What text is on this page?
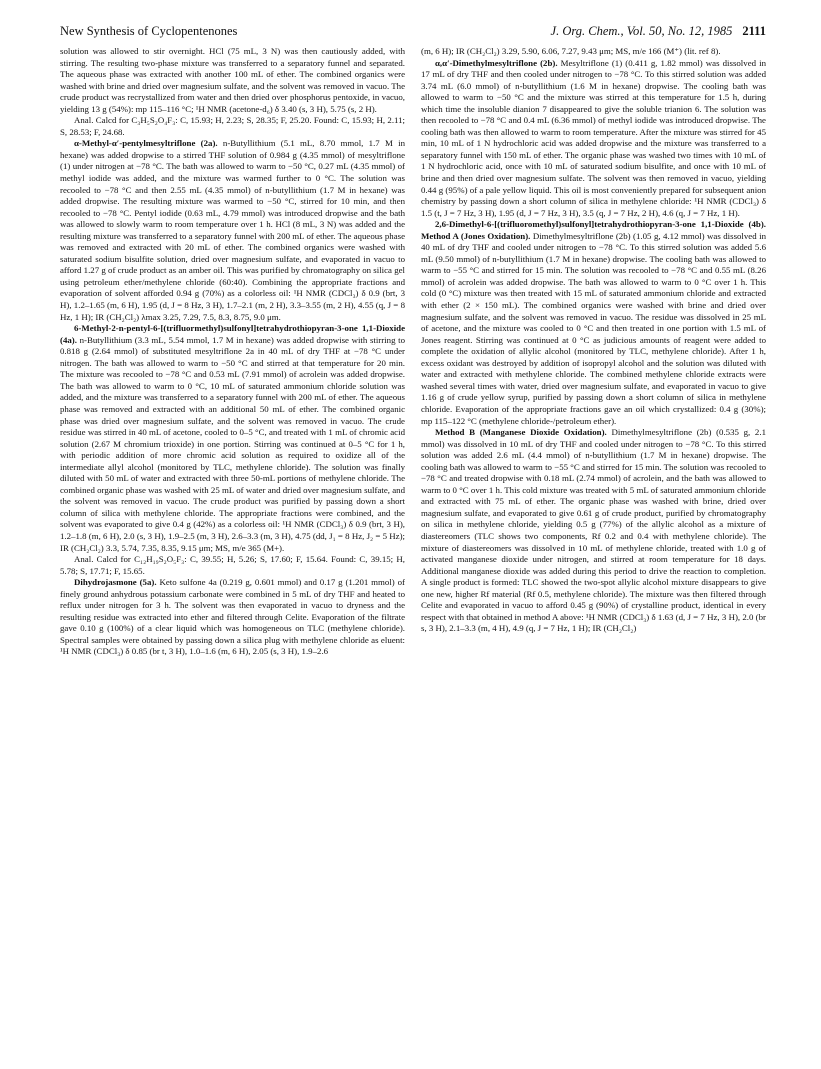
New Synthesis of Cyclopentenones	J. Org. Chem., Vol. 50, No. 12, 1985 2111

solution was allowed to stir overnight. HCl (75 mL, 3 N) was then cautiously added, with stirring. The resulting two-phase mixture was transferred to a separatory funnel and separated. The aqueous phase was extracted with another 100 mL of ether. The combined organics were washed with brine and dried over magnesium sulfate, and the solvent was removed in vacuo. The crude product was recrystallized from water and then dried over phosphorus pentoxide, in vacuo, yielding 13 g (54%): mp 115–116 °C; ¹H NMR (acetone-d₆) δ 3.40 (s, 3 H), 5.75 (s, 2 H).

Anal. Calcd for C₃H₅S₂O₄F₃: C, 15.93; H, 2.23; S, 28.35; F, 25.20. Found: C, 15.93; H, 2.11; S, 28.53; F, 24.68.

α-Methyl-α′-pentylmesyltriflone (2a). n-Butyllithium (5.1 mL, 8.70 mmol, 1.7 M in hexane) was added dropwise to a stirred THF solution of 0.984 g (4.35 mmol) of mesyltriflone (1) under nitrogen at −78 °C. The bath was allowed to warm to −50 °C, 0.27 mL (4.35 mmol) of methyl iodide was added, and the mixture was warmed further to 0 °C. The solution was recooled to −78 °C and then 2.55 mL (4.35 mmol) of n-butyllithium (1.7 M in hexane) was added dropwise. The resulting mixture was warmed to −50 °C, stirred for 10 min, and then recooled to −78 °C. Pentyl iodide (0.63 mL, 4.79 mmol) was introduced dropwise and the bath was allowed to slowly warm to room temperature over 1 h. HCl (8 mL, 3 N) was added and the resulting mixture was transferred to a separatory funnel with 200 mL of ether. The aqueous phase was removed and extracted with 20 mL of ether. The combined organics were washed with saturated sodium bisulfite solution, dried over magnesium sulfate, and evaporated in vacuo to afford 1.27 g of crude product as an amber oil. This was purified by chromatography on silica gel using petroleum ether/methylene chloride (60:40). Combining the appropriate fractions and evaporation of solvent afforded 0.94 g (70%) as a colorless oil: ¹H NMR (CDCl₃) δ 0.9 (brt, 3 H), 1.2–1.65 (m, 6 H), 1.95 (d, J = 8 Hz, 3 H), 1.7–2.1 (m, 2 H), 3.3–3.55 (m, 2 H), 4.55 (q, J = 8 Hz, 1 H); IR (CH₂Cl₂) λmax 3.25, 7.29, 7.5, 8.3, 8.75, 9.0 μm.

6-Methyl-2-n-pentyl-6-[(trifluormethyl)sulfonyl]tetrahydrothiopyran-3-one 1,1-Dioxide (4a). n-Butyllithium (3.3 mL, 5.54 mmol, 1.7 M in hexane) was added dropwise with stirring to 0.818 g (2.64 mmol) of substituted mesyltriflone 2a in 40 mL of dry THF at −78 °C under nitrogen. The bath was allowed to warm to −50 °C and stirred at that temperature for 20 min. The mixture was recooled to −78 °C and 0.53 mL (7.91 mmol) of acrolein was added dropwise. The bath was allowed to warm to 0 °C, 10 mL of saturated ammonium chloride solution was added, and the mixture was transferred to a separatory funnel with 200 mL of ether. The aqueous phase was removed and extracted with an additional 50 mL of ether. The combined organic phase was dried over magnesium sulfate, and the solvent was removed in vacuo. The crude residue was stirred in 40 mL of acetone, cooled to 0–5 °C, and treated with 1 mL of chromic acid solution (2.67 M chromium trioxide) in one portion. Stirring was continued at 0–5 °C for 1 h, with periodic addition of more chromic acid solution as required to oxidize all of the intermediate allyl alcohol (monitored by TLC, methylene chloride). The solution was finally diluted with 50 mL of water and extracted with three 50-mL portions of methylene chloride. The combined organic phase was washed with 25 mL of water and dried over magnesium sulfate, and the solvent was removed in vacuo. The crude product was purified by passing down a short column of silica with methylene chloride. The appropriate fractions were combined, and the solvent was evaporated to give 0.4 g (42%) as a colorless oil: ¹H NMR (CDCl₃) δ 0.9 (brt, 3 H), 1.2–1.8 (m, 6 H), 2.0 (s, 3 H), 1.9–2.5 (m, 3 H), 2.6–3.3 (m, 3 H), 4.75 (dd, J₁ = 8 Hz, J₂ = 5 Hz); IR (CH₂Cl₂) 3.3, 5.74, 7.35, 8.35, 9.15 μm; MS, m/e 365 (M+).

Anal. Calcd for C₁₂H₁₉S₂O₅F₃: C, 39.55; H, 5.26; S, 17.60; F, 15.64. Found: C, 39.15; H, 5.78; S, 17.71; F, 15.65.

Dihydrojasmone (5a). Keto sulfone 4a (0.219 g, 0.601 mmol) and 0.17 g (1.201 mmol) of finely ground anhydrous potassium carbonate were combined in 5 mL of dry THF and heated to reflux under nitrogen for 3 h. The solvent was then evaporated in vacuo to dryness and the resulting residue was extracted into ether and filtered through Celite. Evaporation of the filtrate gave 0.10 g (100%) of a clear liquid which was homogeneous on TLC (methylene chloride). Spectral samples were obtained by passing down a silica plug with methylene chloride as eluent: ¹H NMR (CDCl₃) δ 0.85 (br t, 3 H), 1.0–1.6 (m, 6 H), 2.05 (s, 3 H), 1.9–2.6

(m, 6 H); IR (CH₂Cl₂) 3.29, 5.90, 6.06, 7.27, 9.43 μm; MS, m/e 166 (M⁺) (lit. ref 8).

α,α′-Dimethylmesyltriflone (2b). Mesyltriflone (1) (0.411 g, 1.82 mmol) was dissolved in 17 mL of dry THF and then cooled under nitrogen to −78 °C. To this stirred solution was added 3.74 mL (6.0 mmol) of n-butyllithium (1.6 M in hexane) dropwise. The cooling bath was allowed to warm to −50 °C and the mixture was stirred at this temperature for 1.5 h, during which time the insoluble dianion 7 disappeared to give the soluble trianion 6. The solution was then recooled to −78 °C and 0.4 mL (6.36 mmol) of methyl iodide was introduced dropwise. The cooling bath was then allowed to warm to room temperature. After the mixture was stirred for 45 min, 10 mL of 1 N hydrochloric acid was added dropwise and the mixture was transferred to a separatory funnel with 150 mL of ether. The organic phase was washed two times with 10 mL of 1 N hydrochloric acid, once with 10 mL of saturated sodium bisulfite, and once with 10 mL of brine and then dried over magnesium sulfate. The solvent was then removed in vacuo, yielding 0.44 g (95%) of a pale yellow liquid. This oil is most conveniently prepared for subsequent anion chemistry by passing down a short column of silica in methylene chloride: ¹H NMR (CDCl₃) δ 1.5 (t, J = 7 Hz, 3 H), 1.95 (d, J = 7 Hz, 3 H), 3.5 (q, J = 7 Hz, 2 H), 4.6 (q, J = 7 Hz, 1 H).

2,6-Dimethyl-6-[(trifluoromethyl)sulfonyl]tetrahydrothiopyran-3-one 1,1-Dioxide (4b). Method A (Jones Oxidation). Dimethylmesyltriflone (2b) (1.05 g, 4.12 mmol) was dissolved in 40 mL of dry THF and cooled under nitrogen to −78 °C. To this stirred solution was added 5.6 mL (9.50 mmol) of n-butyllithium (1.7 M in hexane) dropwise. The cooling bath was allowed to warm to −55 °C and stirred for 15 min. The solution was recooled to −78 °C and 0.55 mL (8.26 mmol) of acrolein was added dropwise. The bath was allowed to warm to 0 °C over 1 h. This cold (0 °C) mixture was then treated with 15 mL of saturated ammonium chloride and extracted with ether (2 × 150 mL). The combined organics were washed with brine and dried over magnesium sulfate, and the solvent was removed in vacuo. The residue was dissolved in 25 mL of acetone, and the mixture was cooled to 0 °C and then treated in one portion with 1.5 mL of Jones reagent. Stirring was continued at 0 °C as judicious amounts of reagent were added to complete the oxidation of allylic alcohol (monitored by TLC, methylene chloride). After 1 h, excess oxidant was destroyed by addition of isopropyl alcohol and the solution was diluted with water and extracted with methylene chloride. The combined methylene chloride extracts were washed several times with water, dried over magnesium sulfate, and evaporated in vacuo to give 1.16 g of crude yellow syrup, purified by passing down a short column of silica in methylene chloride. Evaporation of the appropriate fractions gave an oil which crystallized: 0.4 g (30%); mp 115–122 °C (methylene chloride-/petroleum ether).

Method B (Manganese Dioxide Oxidation). Dimethylmesyltriflone (2b) (0.535 g, 2.1 mmol) was dissolved in 10 mL of dry THF and cooled under nitrogen to −78 °C. To this stirred solution was added 2.6 mL (4.4 mmol) of n-butyllithium (1.7 M in hexane) dropwise. The cooling bath was allowed to warm to −55 °C and stirred for 15 min. The solution was recooled to −78 °C and treated dropwise with 0.18 mL (2.74 mmol) of acrolein, and the bath was allowed to warm to 0 °C over 1 h. This cold mixture was treated with 5 mL of saturated ammonium chloride and extracted with 75 mL of ether. The organic phase was washed with brine, dried over magnesium sulfate, and evaporated to give 0.61 g of crude product, purified by chromatography on silica in methylene chloride, yielding 0.5 g (77%) of the allylic alcohol as a mixture of diastereomers (TLC shows two components, Rf 0.2 and 0.4 with methylene chloride). The mixture of diastereomers was dissolved in 10 mL of methylene chloride, treated with 1.0 g of activated manganese dioxide under nitrogen, and stirred at room temperature for 18 days. Additional manganese dioxide was added during this period to drive the reaction to completion. A single product is formed: TLC showed the two-spot allylic alcohol mixture disappears to give one new, higher Rf material (Rf 0.5, methylene chloride). The mixture was then filtered through Celite and evaporated in vacuo to afford 0.45 g (90%) of crystalline product, identical in every respect with that obtained in method A above: ¹H NMR (CDCl₃) δ 1.63 (d, J = 7 Hz, 3 H), 2.0 (br s, 3 H), 2.1–3.3 (m, 4 H), 4.9 (q, J = 7 Hz, 1 H); IR (CH₂Cl₂)
